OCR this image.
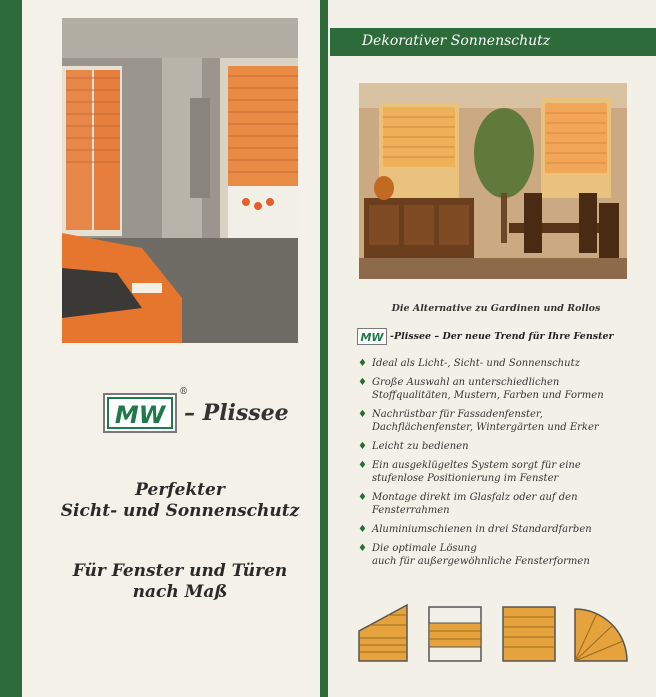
Dekorativer Sonnenschutz
MW
®
– Plissee
Perfekter
Sicht- und Sonnenschutz
Für Fenster und Türen
nach Maß
Die Alternative zu Gardinen und Rollos
MW -Plissee – Der neue Trend für Ihre Fenster
♦ Ideal als Licht-, Sicht- und Sonnenschutz
♦ Große Auswahl an unterschiedlichen
Stoffqualitäten, Mustern, Farben und Formen
♦ Nachrüstbar für Fassadenfenster,
Dachflächenfenster, Wintergärten und Erker
♦ Leicht zu bedienen
♦ Ein ausgeklügeltes System sorgt für eine
stufenlose Positionierung im Fenster
♦ Montage direkt im Glasfalz oder auf den
Fensterrahmen
♦ Aluminiumschienen in drei Standardfarben
♦ Die optimale Lösung
auch für außergewöhnliche Fensterformen
